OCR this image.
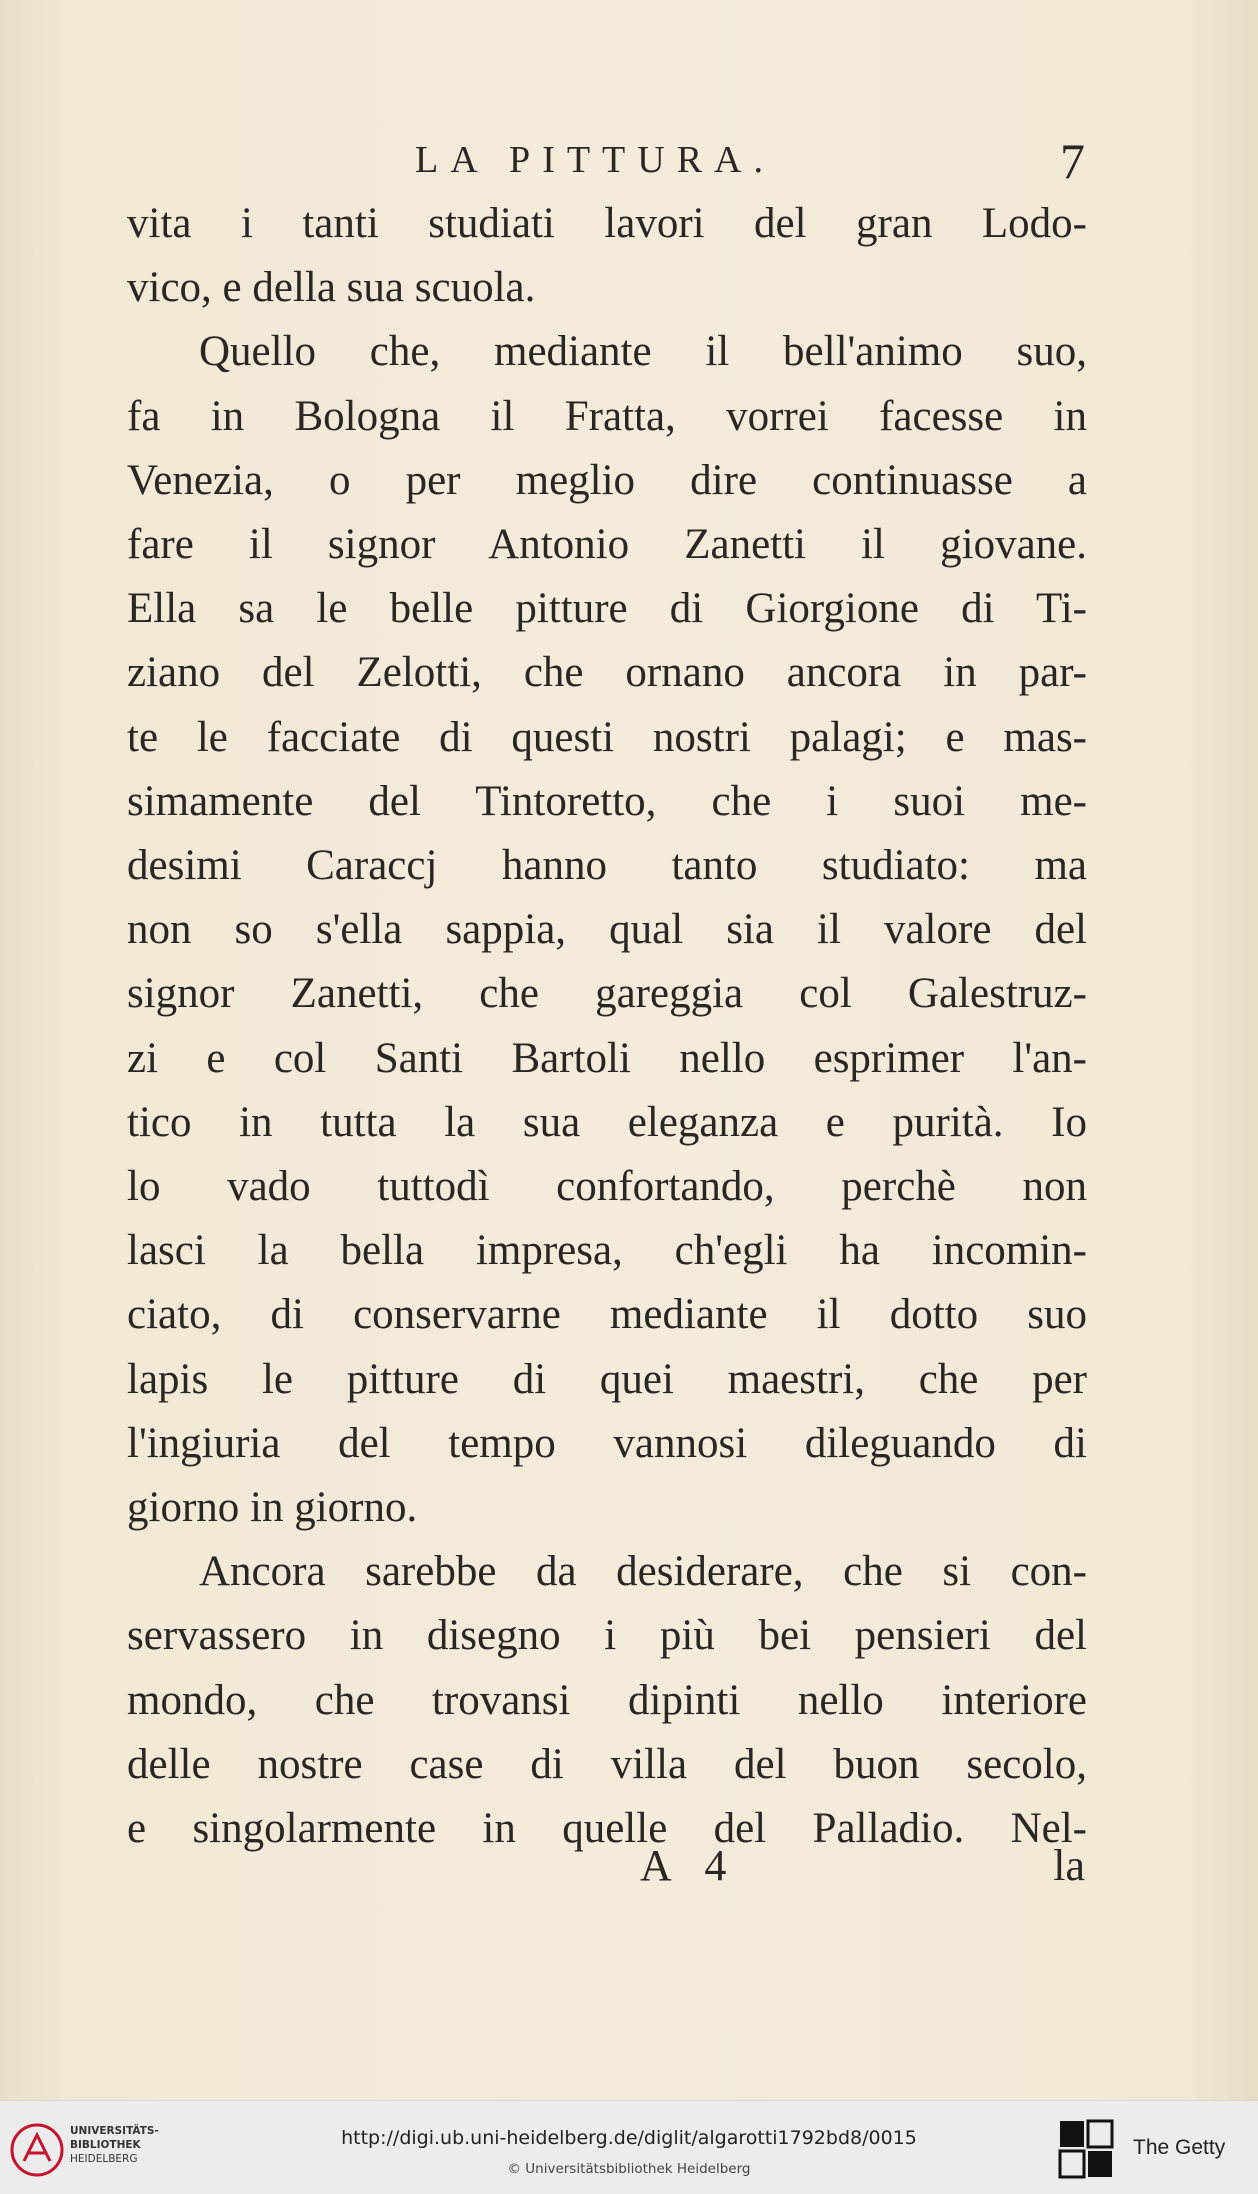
LA PITTURA.	7
vita i tanti studiati lavori del gran Lodo-
vico, e della sua scuola.
Quello che, mediante il bell'animo suo,
fa in Bologna il Fratta, vorrei facesse in
Venezia, o per meglio dire continuasse a
fare il signor Antonio Zanetti il giovane.
Ella sa le belle pitture di Giorgione di Ti-
ziano del Zelotti, che ornano ancora in par-
te le facciate di questi nostri palagi; e mas-
simamente del Tintoretto, che i suoi me-
desimi Caraccj hanno tanto studiato: ma
non so s'ella sappia, qual sia il valore del
signor Zanetti, che gareggia col Galestruz-
zi e col Santi Bartoli nello esprimer l'an-
tico in tutta la sua eleganza e purità. Io
lo vado tuttodì confortando, perchè non
lasci la bella impresa, ch'egli ha incomin-
ciato, di conservarne mediante il dotto suo
lapis le pitture di quei maestri, che per
l'ingiuria del tempo vannosi dileguando di
giorno in giorno.
Ancora sarebbe da desiderare, che si con-
servassero in disegno i più bei pensieri del
mondo, che trovansi dipinti nello interiore
delle nostre case di villa del buon secolo,
e singolarmente in quelle del Palladio. Nel-
A 4	la
UNIVERSITÄTS-
BIBLIOTHEK
HEIDELBERG
http://digi.ub.uni-heidelberg.de/diglit/algarotti1792bd8/0015
© Universitätsbibliothek Heidelberg
The Getty
